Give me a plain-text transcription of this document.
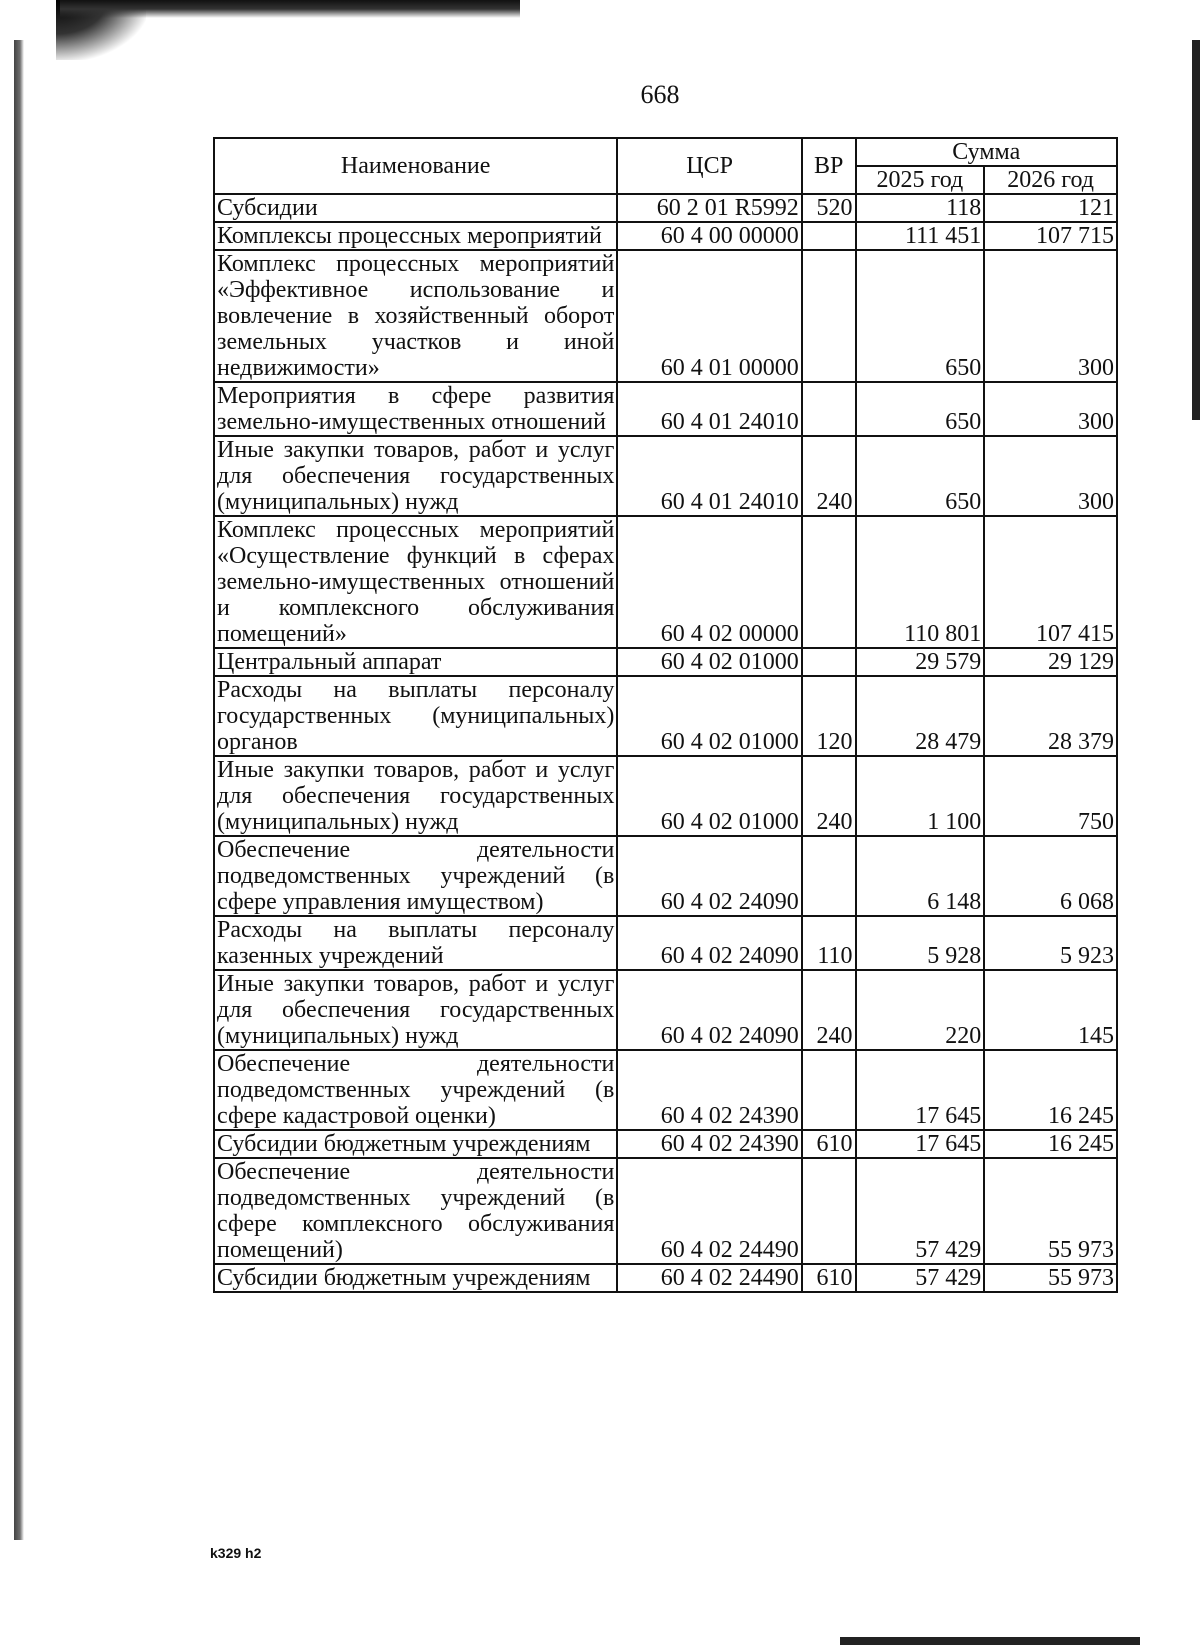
668
Наименование	ЦСР	ВР	Сумма	
			2025 год	2026 год
Субсидии	60 2 01 R5992	520	118	121
Комплексы процессных мероприятий	60 4 00 00000		111 451	107 715
Комплекс процессных мероприятий «Эффективное использование и вовлечение в хозяйственный оборот земельных участков и иной недвижимости»	60 4 01 00000		650	300
Мероприятия в сфере развития земельно-имущественных отношений	60 4 01 24010		650	300
Иные закупки товаров, работ и услуг для обеспечения государственных (муниципальных) нужд	60 4 01 24010	240	650	300
Комплекс процессных мероприятий «Осуществление функций в сферах земельно-имущественных отношений и комплексного обслуживания помещений»	60 4 02 00000		110 801	107 415
Центральный аппарат	60 4 02 01000		29 579	29 129
Расходы на выплаты персоналу государственных (муниципальных) органов	60 4 02 01000	120	28 479	28 379
Иные закупки товаров, работ и услуг для обеспечения государственных (муниципальных) нужд	60 4 02 01000	240	1 100	750
Обеспечение деятельности подведомственных учреждений (в сфере управления имуществом)	60 4 02 24090		6 148	6 068
Расходы на выплаты персоналу казенных учреждений	60 4 02 24090	110	5 928	5 923
Иные закупки товаров, работ и услуг для обеспечения государственных (муниципальных) нужд	60 4 02 24090	240	220	145
Обеспечение деятельности подведомственных учреждений (в сфере кадастровой оценки)	60 4 02 24390		17 645	16 245
Субсидии бюджетным учреждениям	60 4 02 24390	610	17 645	16 245
Обеспечение деятельности подведомственных учреждений (в сфере комплексного обслуживания помещений)	60 4 02 24490		57 429	55 973
Субсидии бюджетным учреждениям	60 4 02 24490	610	57 429	55 973
k329 h2
